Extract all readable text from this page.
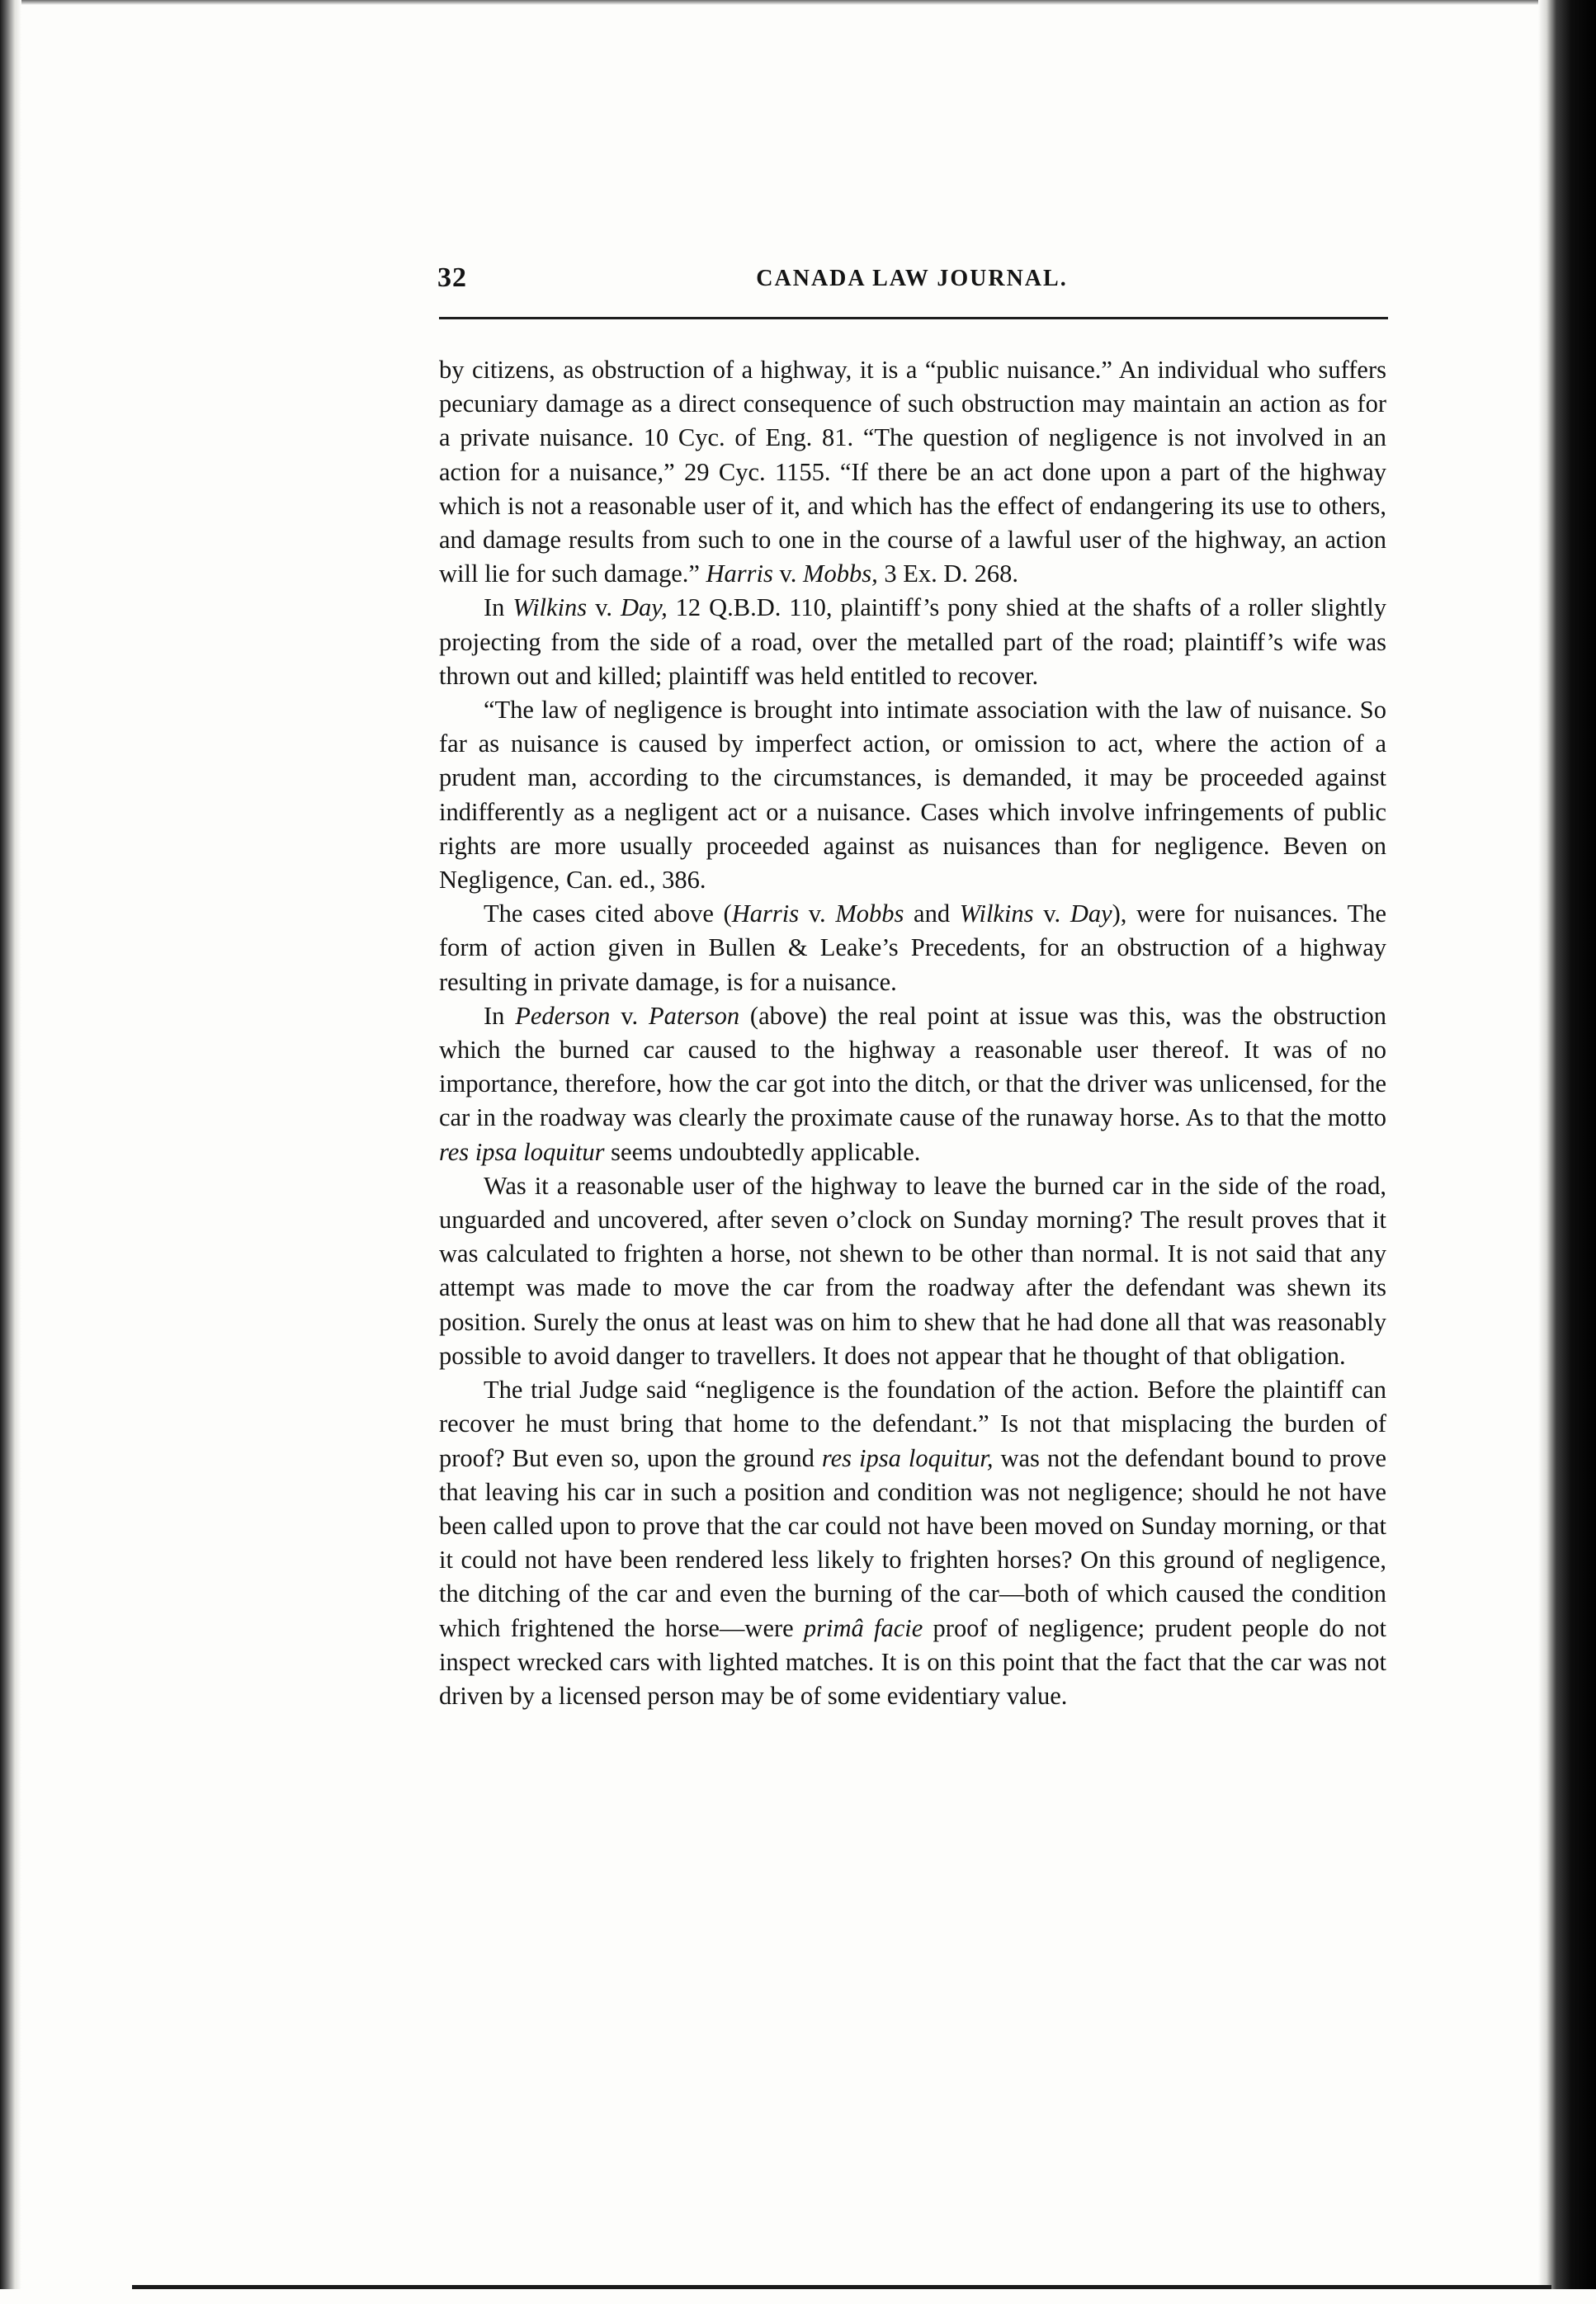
32	CANADA LAW JOURNAL.

by citizens, as obstruction of a highway, it is a “public nuisance.” An individual who suffers pecuniary damage as a direct consequence of such obstruction may maintain an action as for a private nuisance. 10 Cyc. of Eng. 81. “The question of negligence is not involved in an action for a nuisance,” 29 Cyc. 1155. “If there be an act done upon a part of the highway which is not a reasonable user of it, and which has the effect of endangering its use to others, and damage results from such to one in the course of a lawful user of the highway, an action will lie for such damage.” Harris v. Mobbs, 3 Ex. D. 268.

In Wilkins v. Day, 12 Q.B.D. 110, plaintiff’s pony shied at the shafts of a roller slightly projecting from the side of a road, over the metalled part of the road; plaintiff’s wife was thrown out and killed; plaintiff was held entitled to recover.

“The law of negligence is brought into intimate association with the law of nuisance. So far as nuisance is caused by imperfect action, or omission to act, where the action of a prudent man, according to the circumstances, is demanded, it may be proceeded against indifferently as a negligent act or a nuisance. Cases which involve infringements of public rights are more usually proceeded against as nuisances than for negligence. Beven on Negligence, Can. ed., 386.

The cases cited above (Harris v. Mobbs and Wilkins v. Day), were for nuisances. The form of action given in Bullen & Leake’s Precedents, for an obstruction of a highway resulting in private damage, is for a nuisance.

In Pederson v. Paterson (above) the real point at issue was this, was the obstruction which the burned car caused to the highway a reasonable user thereof. It was of no importance, therefore, how the car got into the ditch, or that the driver was unlicensed, for the car in the roadway was clearly the proximate cause of the runaway horse. As to that the motto res ipsa loquitur seems undoubtedly applicable.

Was it a reasonable user of the highway to leave the burned car in the side of the road, unguarded and uncovered, after seven o’clock on Sunday morning? The result proves that it was calculated to frighten a horse, not shewn to be other than normal. It is not said that any attempt was made to move the car from the roadway after the defendant was shewn its position. Surely the onus at least was on him to shew that he had done all that was reasonably possible to avoid danger to travellers. It does not appear that he thought of that obligation.

The trial Judge said “negligence is the foundation of the action. Before the plaintiff can recover he must bring that home to the defendant.” Is not that misplacing the burden of proof? But even so, upon the ground res ipsa loquitur, was not the defendant bound to prove that leaving his car in such a position and condition was not negligence; should he not have been called upon to prove that the car could not have been moved on Sunday morning, or that it could not have been rendered less likely to frighten horses? On this ground of negligence, the ditching of the car and even the burning of the car—both of which caused the condition which frightened the horse—were primâ facie proof of negligence; prudent people do not inspect wrecked cars with lighted matches. It is on this point that the fact that the car was not driven by a licensed person may be of some evidentiary value.
